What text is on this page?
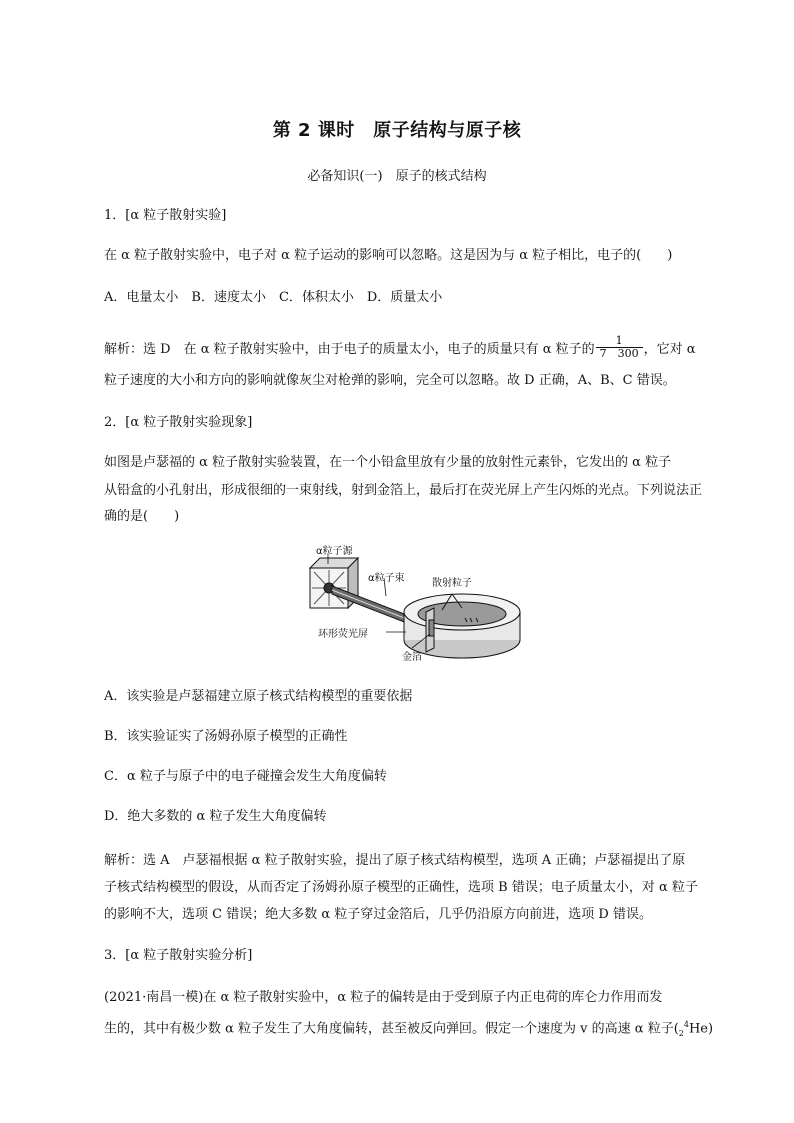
第 2 课时　原子结构与原子核
必备知识(一)　原子的核式结构
1．[α 粒子散射实验]
在 α 粒子散射实验中，电子对 α 粒子运动的影响可以忽略。这是因为与 α 粒子相比，电子的(　　)
A．电量太小　B．速度太小　C．体积太小　D．质量太小
解析：选 D　在 α 粒子散射实验中，由于电子的质量太小，电子的质量只有 α 粒子的 $\frac{1}{7 300}$ ，它对 α
粒子速度的大小和方向的影响就像灰尘对枪弹的影响，完全可以忽略。故 D 正确，A、B、C 错误。
2．[α 粒子散射实验现象]
如图是卢瑟福的 α 粒子散射实验装置，在一个小铅盒里放有少量的放射性元素钋，它发出的 α 粒子
从铅盒的小孔射出，形成很细的一束射线，射到金箔上，最后打在荧光屏上产生闪烁的光点。下列说法正
确的是(　　)
α粒子源
α粒子束	散射粒子
环形荧光屏
金箔
A．该实验是卢瑟福建立原子核式结构模型的重要依据
B．该实验证实了汤姆孙原子模型的正确性
C．α 粒子与原子中的电子碰撞会发生大角度偏转
D．绝大多数的 α 粒子发生大角度偏转
解析：选 A　卢瑟福根据 α 粒子散射实验，提出了原子核式结构模型，选项 A 正确；卢瑟福提出了原
子核式结构模型的假设，从而否定了汤姆孙原子模型的正确性，选项 B 错误；电子质量太小，对 α 粒子
的影响不大，选项 C 错误；绝大多数 α 粒子穿过金箔后，几乎仍沿原方向前进，选项 D 错误。
3．[α 粒子散射实验分析]
(2021·南昌一模)在 α 粒子散射实验中，α 粒子的偏转是由于受到原子内正电荷的库仑力作用而发
生的，其中有极少数 α 粒子发生了大角度偏转，甚至被反向弹回。假定一个速度为 v 的高速 α 粒子$(_2^4He)$
